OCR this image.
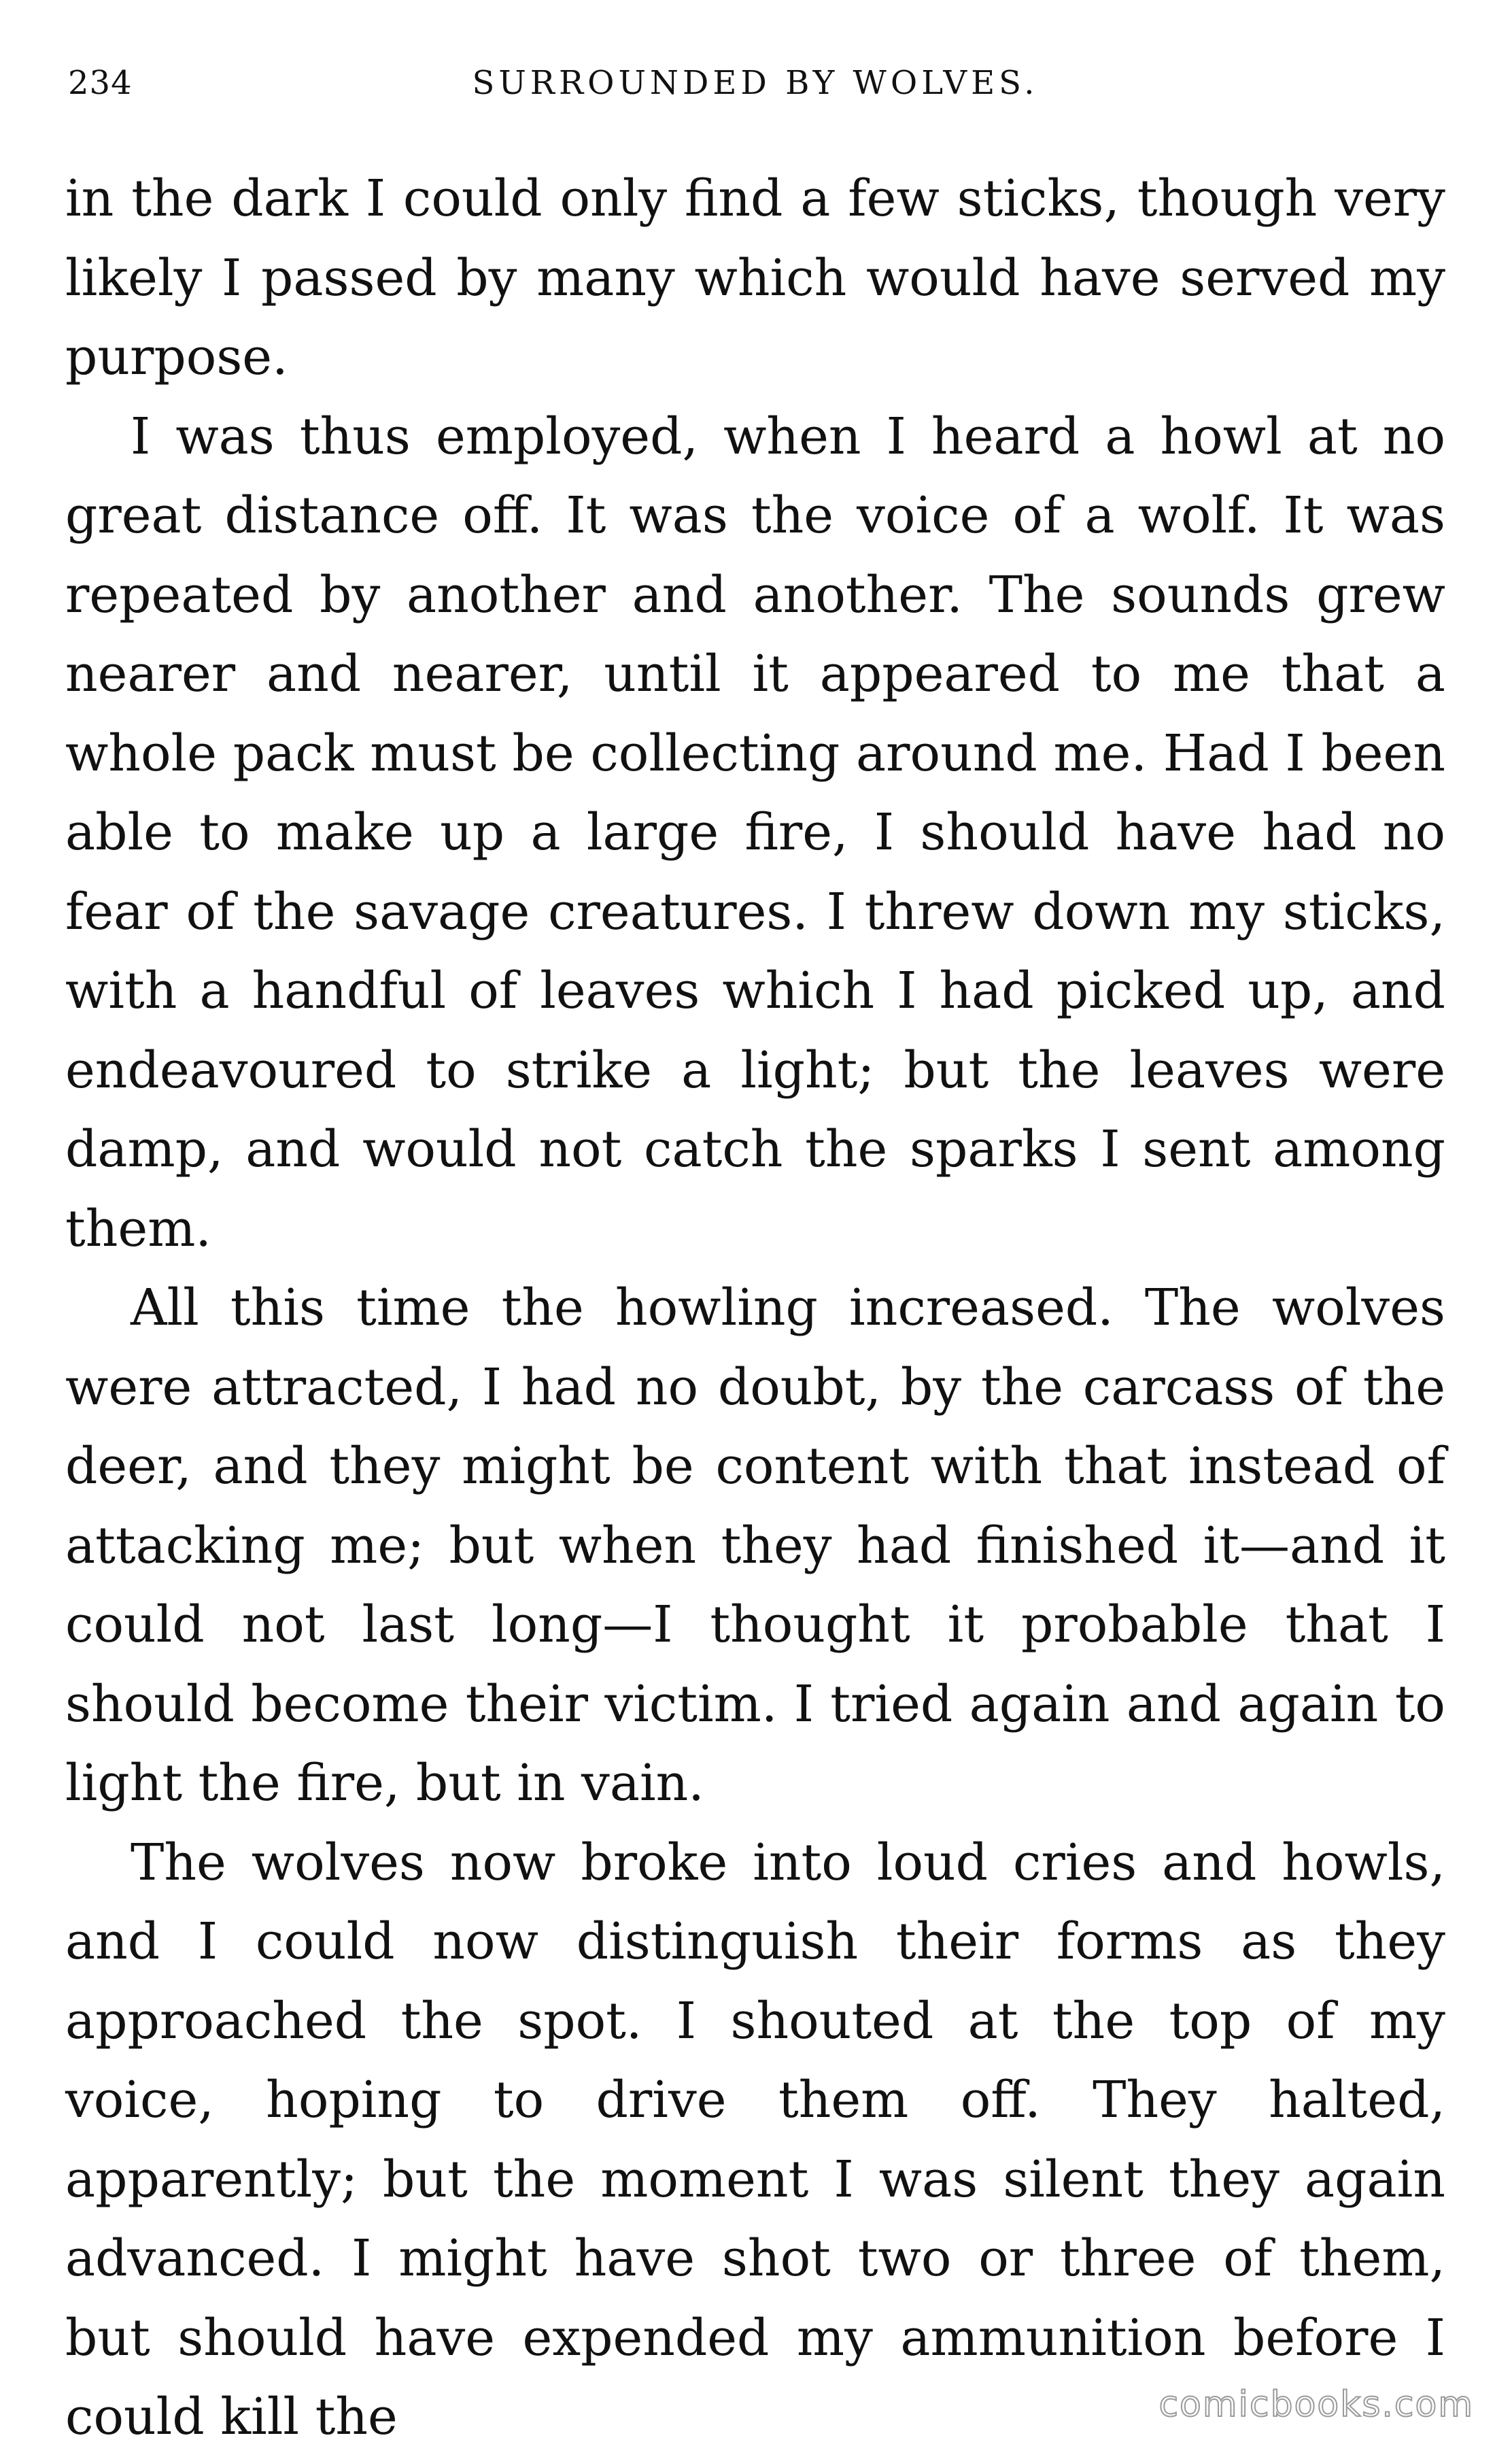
234	SURROUNDED BY WOLVES.

in the dark I could only find a few sticks, though very likely I passed by many which would have served my purpose.

I was thus employed, when I heard a howl at no great distance off. It was the voice of a wolf. It was repeated by another and another. The sounds grew nearer and nearer, until it appeared to me that a whole pack must be collecting around me. Had I been able to make up a large fire, I should have had no fear of the savage creatures. I threw down my sticks, with a handful of leaves which I had picked up, and endeavoured to strike a light; but the leaves were damp, and would not catch the sparks I sent among them.

All this time the howling increased. The wolves were attracted, I had no doubt, by the carcass of the deer, and they might be content with that instead of attacking me; but when they had finished it—and it could not last long—I thought it probable that I should become their victim. I tried again and again to light the fire, but in vain.

The wolves now broke into loud cries and howls, and I could now distinguish their forms as they approached the spot. I shouted at the top of my voice, hoping to drive them off. They halted, apparently; but the moment I was silent they again advanced. I might have shot two or three of them, but should have expended my ammunition before I could kill the	comicbooks.com
